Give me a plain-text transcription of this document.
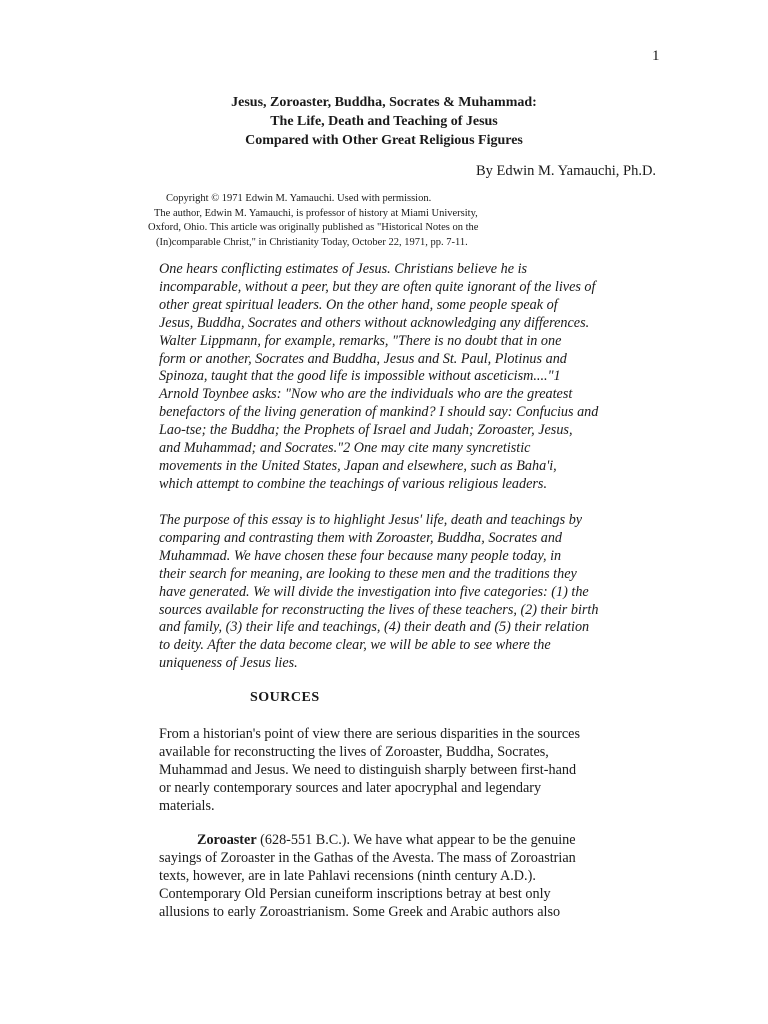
1
Jesus, Zoroaster, Buddha, Socrates & Muhammad:
The Life, Death and Teaching of Jesus
Compared with Other Great Religious Figures
By Edwin M. Yamauchi, Ph.D.
Copyright © 1971 Edwin M. Yamauchi. Used with permission.
The author, Edwin M. Yamauchi, is professor of history at Miami University,
Oxford, Ohio. This article was originally published as "Historical Notes on the
(In)comparable Christ," in Christianity Today, October 22, 1971, pp. 7-11.
One hears conflicting estimates of Jesus. Christians believe he is
incomparable, without a peer, but they are often quite ignorant of the lives of
other great spiritual leaders. On the other hand, some people speak of
Jesus, Buddha, Socrates and others without acknowledging any differences.
Walter Lippmann, for example, remarks, "There is no doubt that in one
form or another, Socrates and Buddha, Jesus and St. Paul, Plotinus and
Spinoza, taught that the good life is impossible without asceticism...."1
Arnold Toynbee asks: "Now who are the individuals who are the greatest
benefactors of the living generation of mankind? I should say: Confucius and
Lao-tse; the Buddha; the Prophets of Israel and Judah; Zoroaster, Jesus,
and Muhammad; and Socrates."2 One may cite many syncretistic
movements in the United States, Japan and elsewhere, such as Baha'i,
which attempt to combine the teachings of various religious leaders.
The purpose of this essay is to highlight Jesus' life, death and teachings by
comparing and contrasting them with Zoroaster, Buddha, Socrates and
Muhammad. We have chosen these four because many people today, in
their search for meaning, are looking to these men and the traditions they
have generated. We will divide the investigation into five categories: (1) the
sources available for reconstructing the lives of these teachers, (2) their birth
and family, (3) their life and teachings, (4) their death and (5) their relation
to deity. After the data become clear, we will be able to see where the
uniqueness of Jesus lies.
SOURCES
From a historian's point of view there are serious disparities in the sources
available for reconstructing the lives of Zoroaster, Buddha, Socrates,
Muhammad and Jesus. We need to distinguish sharply between first-hand
or nearly contemporary sources and later apocryphal and legendary
materials.
Zoroaster (628-551 B.C.). We have what appear to be the genuine
sayings of Zoroaster in the Gathas of the Avesta. The mass of Zoroastrian
texts, however, are in late Pahlavi recensions (ninth century A.D.).
Contemporary Old Persian cuneiform inscriptions betray at best only
allusions to early Zoroastrianism. Some Greek and Arabic authors also
